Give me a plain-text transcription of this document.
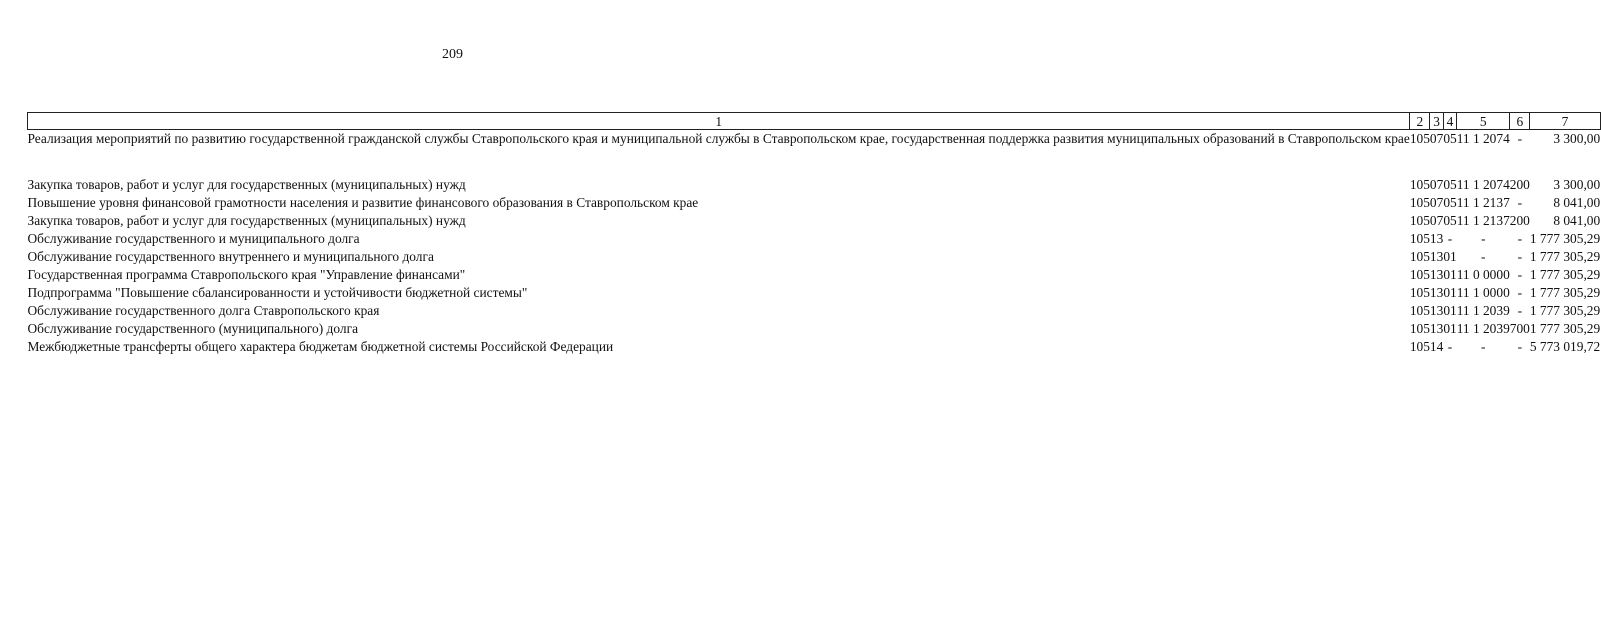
209
1	2	3	4	5	6	7
Реализация мероприятий по развитию государственной гражданской службы Ставропольского края и муниципальной службы в Ставропольском крае, государственная поддержка развития муниципальных образований в Ставропольском крае	105	07	05	11 1 2074	-	3 300,00

Закупка товаров, работ и услуг для государственных (муниципальных) нужд	105	07	05	11 1 2074	200	3 300,00
Повышение уровня финансовой грамотности населения и развитие финансового образования в Ставропольском крае	105	07	05	11 1 2137	-	8 041,00
Закупка товаров, работ и услуг для государственных (муниципальных) нужд	105	07	05	11 1 2137	200	8 041,00
Обслуживание государственного и муниципального долга	105	13	-	-	-	1 777 305,29
Обслуживание государственного внутреннего и муниципального долга	105	13	01	-	-	1 777 305,29
Государственная программа Ставропольского края "Управление финансами"	105	13	01	11 0 0000	-	1 777 305,29
Подпрограмма "Повышение сбалансированности и устойчивости бюджетной системы"	105	13	01	11 1 0000	-	1 777 305,29
Обслуживание государственного долга Ставропольского края	105	13	01	11 1 2039	-	1 777 305,29
Обслуживание государственного (муниципального) долга	105	13	01	11 1 2039	700	1 777 305,29
Межбюджетные трансферты общего характера бюджетам бюджетной системы Российской Федерации	105	14	-	-	-	5 773 019,72
